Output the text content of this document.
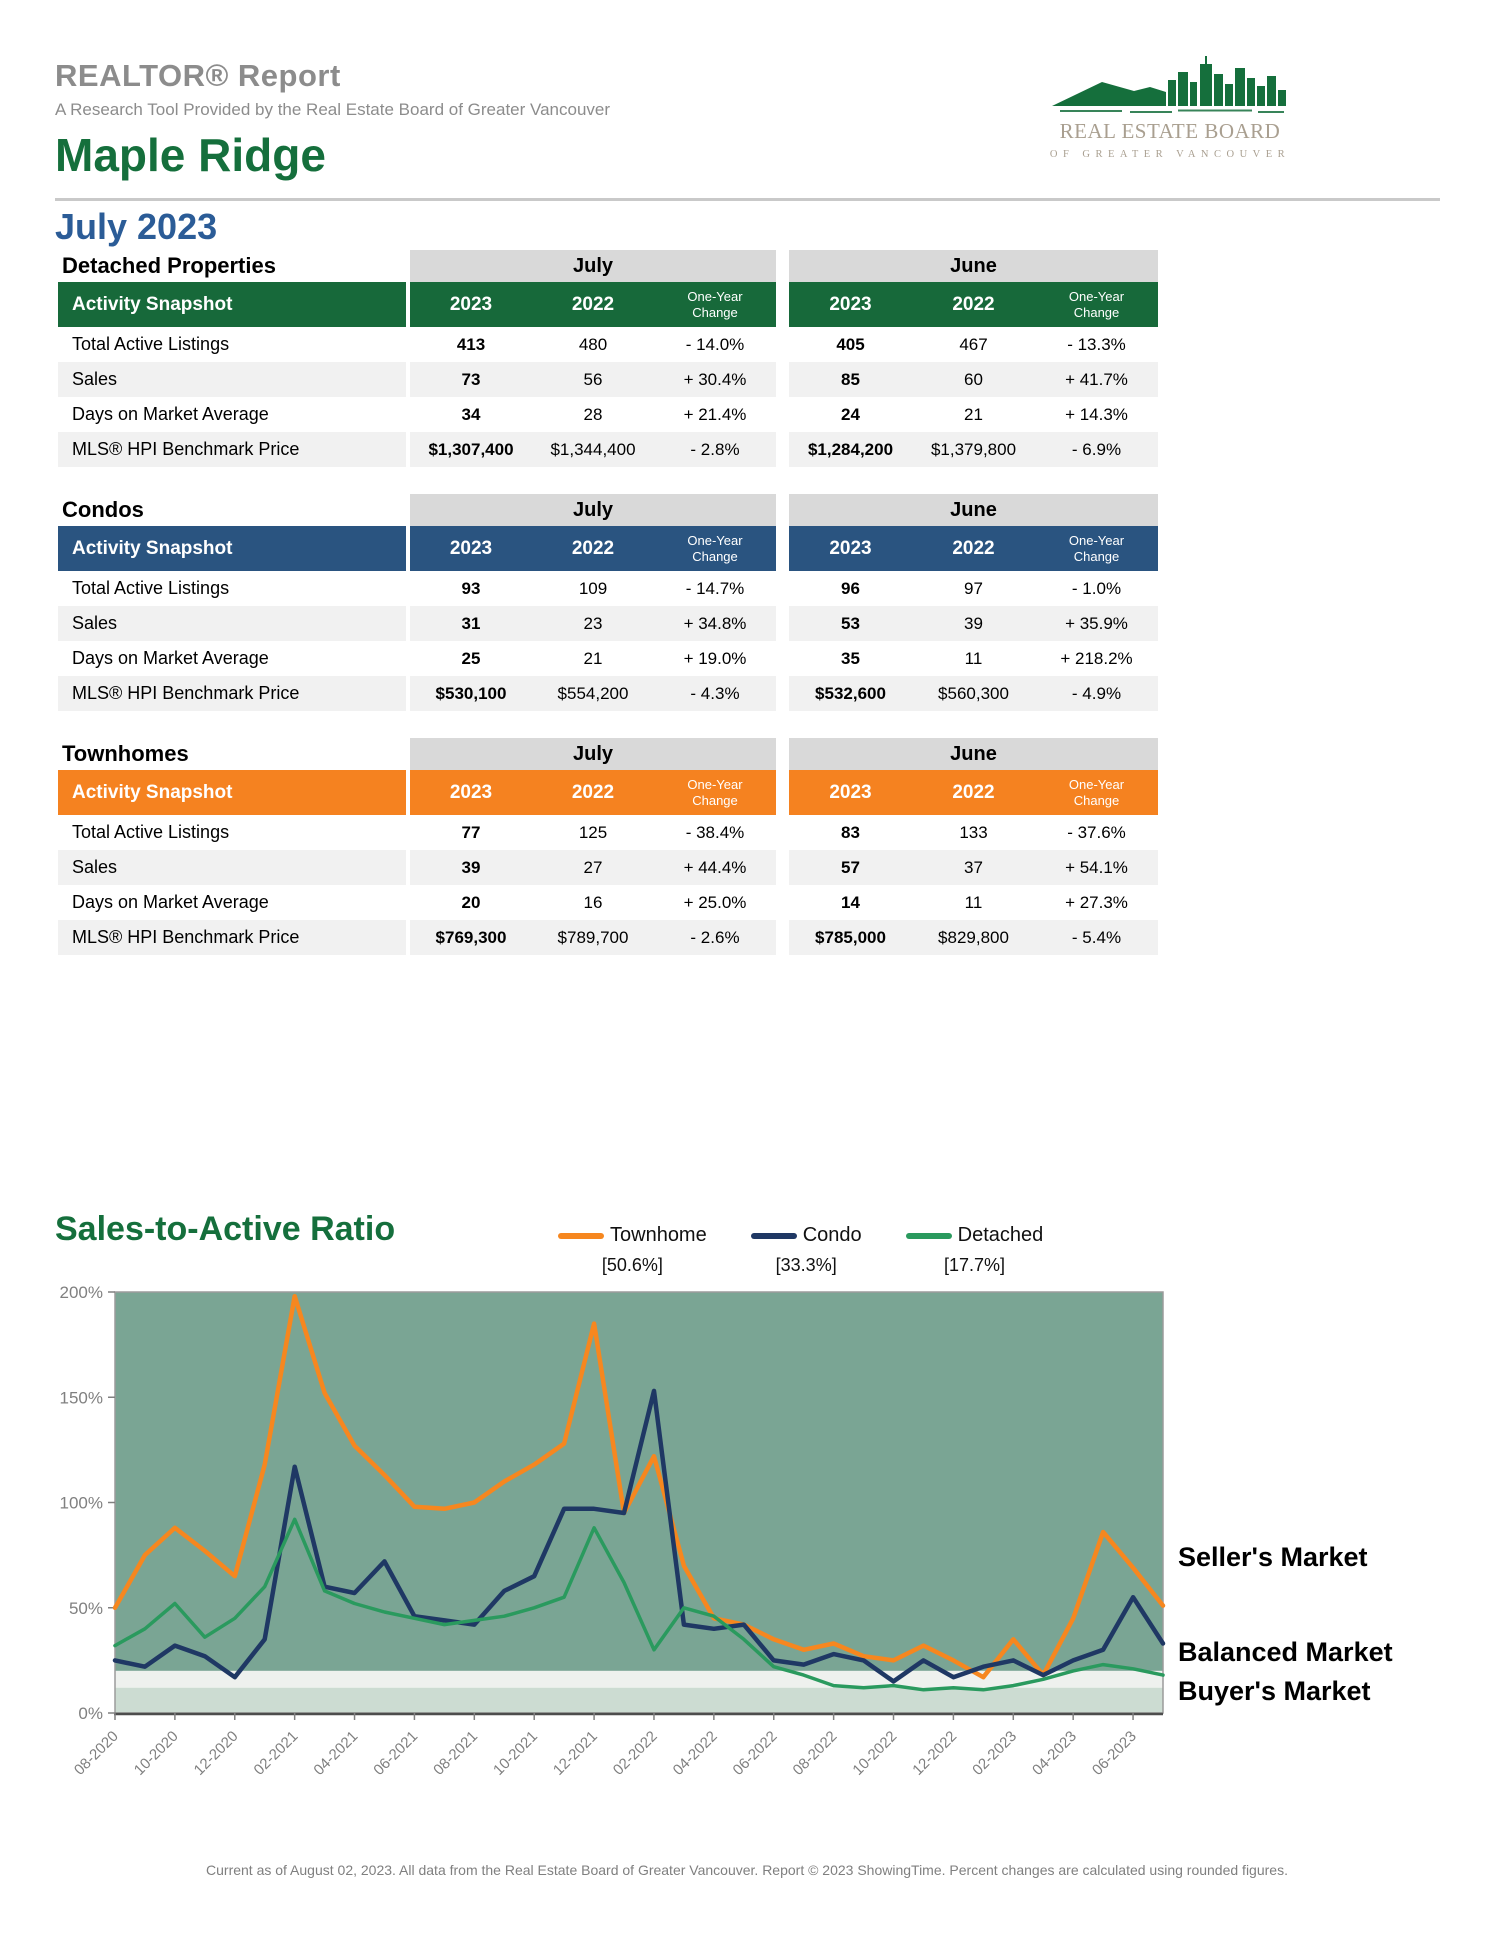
REALTOR® Report
A Research Tool Provided by the Real Estate Board of Greater Vancouver
REAL ESTATE BOARD
OF GREATER VANCOUVER
Maple Ridge
July 2023
Detached Properties	July	June
Activity Snapshot	2023	2022	One-Year Change	2023	2022	One-Year Change
Total Active Listings	413	480	- 14.0%	405	467	- 13.3%
Sales	73	56	+ 30.4%	85	60	+ 41.7%
Days on Market Average	34	28	+ 21.4%	24	21	+ 14.3%
MLS® HPI Benchmark Price	$1,307,400	$1,344,400	- 2.8%	$1,284,200	$1,379,800	- 6.9%
Condos	July	June
Activity Snapshot	2023	2022	One-Year Change	2023	2022	One-Year Change
Total Active Listings	93	109	- 14.7%	96	97	- 1.0%
Sales	31	23	+ 34.8%	53	39	+ 35.9%
Days on Market Average	25	21	+ 19.0%	35	11	+ 218.2%
MLS® HPI Benchmark Price	$530,100	$554,200	- 4.3%	$532,600	$560,300	- 4.9%
Townhomes	July	June
Activity Snapshot	2023	2022	One-Year Change	2023	2022	One-Year Change
Total Active Listings	77	125	- 38.4%	83	133	- 37.6%
Sales	39	27	+ 44.4%	57	37	+ 54.1%
Days on Market Average	20	16	+ 25.0%	14	11	+ 27.3%
MLS® HPI Benchmark Price	$769,300	$789,700	- 2.6%	$785,000	$829,800	- 5.4%
Sales-to-Active Ratio	Townhome
[50.6%]
Condo
[33.3%]
Detached
[17.7%]
0%
50%
100%
150%
200%
08-2020 10-2020 12-2020 02-2021 04-2021 06-2021 08-2021 10-2021 12-2021 02-2022 04-2022 06-2022 08-2022 10-2022 12-2022 02-2023 04-2023 06-2023
Seller's Market
Balanced Market
Buyer's Market
Current as of August 02, 2023. All data from the Real Estate Board of Greater Vancouver. Report © 2023 ShowingTime. Percent changes are calculated using rounded figures.
